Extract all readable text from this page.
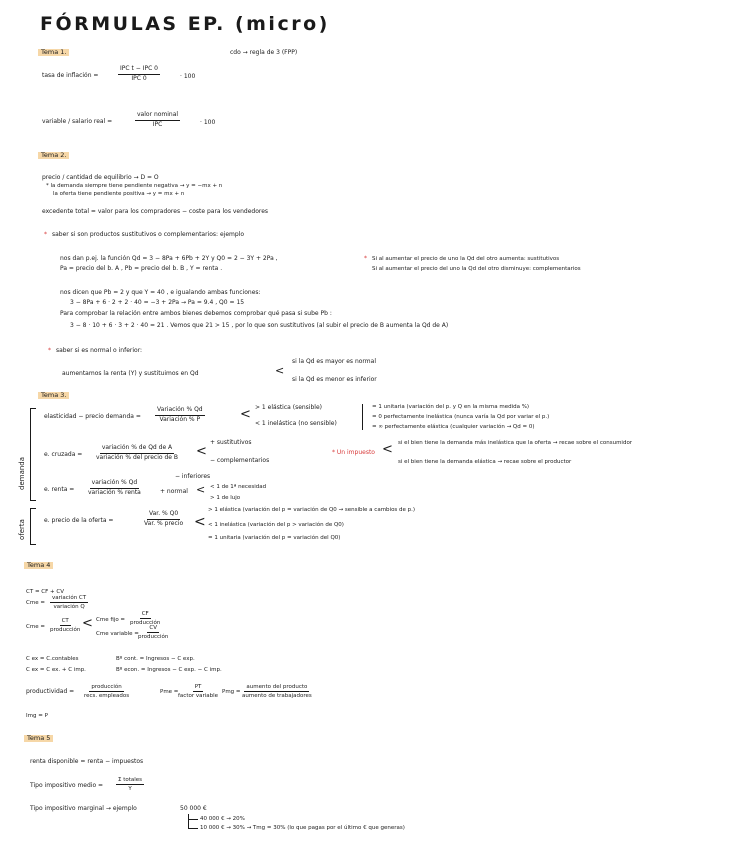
FÓRMULAS EP. (micro)
cdo → regla de 3 (FPP)
Tema 1.
tasa de inflación =
IPC t − IPC 0
IPC 0	· 100
variable / salario real =
valor nominal
IPC	· 100
Tema 2.
precio / cantidad de equilibrio → D = O
* la demanda siempre tiene pendiente negativa → y = −mx + n
la oferta tiene pendiente positiva → y = mx + n
excedente total = valor para los compradores − coste para los vendedores
* saber si son productos sustitutivos o complementarios: ejemplo
nos dan p.ej. la función Qd = 3 − 8Pa + 6Pb + 2Y y Q0 = 2 − 3Y + 2Pa ,
Pa = precio del b. A , Pb = precio del b. B , Y = renta .
* Si al aumentar el precio de uno la Qd del otro aumenta: sustitutivos
Si al aumentar el precio del uno la Qd del otro disminuye: complementarios
nos dicen que Pb = 2 y que Y = 40 , e igualando ambas funciones:
3 − 8Pa + 6 · 2 + 2 · 40 = −3 + 2Pa → Pa = 9.4 , Q0 = 15
Para comprobar la relación entre ambos bienes debemos comprobar qué pasa si sube Pb :
3 − 8 · 10 + 6 · 3 + 2 · 40 = 21 . Vemos que 21 > 15 , por lo que son sustitutivos (al subir el precio de B aumenta la Qd de A)
* saber si es normal o inferior:
aumentamos la renta (Y) y sustituimos en Qd	<
si la Qd es mayor es normal
si la Qd es menor es inferior
Tema 3.
demanda
elasticidad − precio demanda =
Variación % Qd
Variación % P	< > 1 elástica (sensible)
< 1 inelástica (no sensible)
= 1 unitaria (variación del p. y Q en la misma medida %)
= 0 perfectamente inelástica (nunca varía la Qd por variar el p.)
= ∞ perfectamente elástica (cualquier variación → Qd = 0)
* Un impuesto < si el bien tiene la demanda más inelástica que la oferta → recae sobre el consumidor
si el bien tiene la demanda elástica → recae sobre el productor
e. cruzada =
variación % de Qd de A
variación % del precio de B <
+ sustitutivos
− complementarios
e. renta =
variación % Qd
variación % renta
− inferiores
+ normal < < 1 de 1ª necesidad
> 1 de lujo
oferta	e. precio de la oferta =
Var. % Q0
Var. % precio <
> 1 elástica (variación del p = variación de Q0 → sensible a cambios de p.)
< 1 inelástica (variación del p > variación de Q0)
= 1 unitaria (variación del p = variación del Q0)
Tema 4
CT = CF + CV
Cme =
variación CT
variación Q
Cme =
CT
producción < Cme fijo =
CF
producción
Cme variable =
CV
producción
C ex = C.contables
C ex = C ex. + C imp.
Bº cont. = Ingresos − C exp.
Bº econ. = Ingresos − C exp. − C imp.
productividad =
producción
recs. empleados
Pme =
PT
factor variable
Pmg =
aumento del producto
aumento de trabajadores
Img = P
Tema 5
renta disponible = renta − impuestos
Tipo impositivo medio =
Σ totales
Y
Tipo impositivo marginal → ejemplo	50 000 €
40 000 € → 20%
10 000 € → 30% → Tmg = 30% (lo que pagas por el último € que generas)
